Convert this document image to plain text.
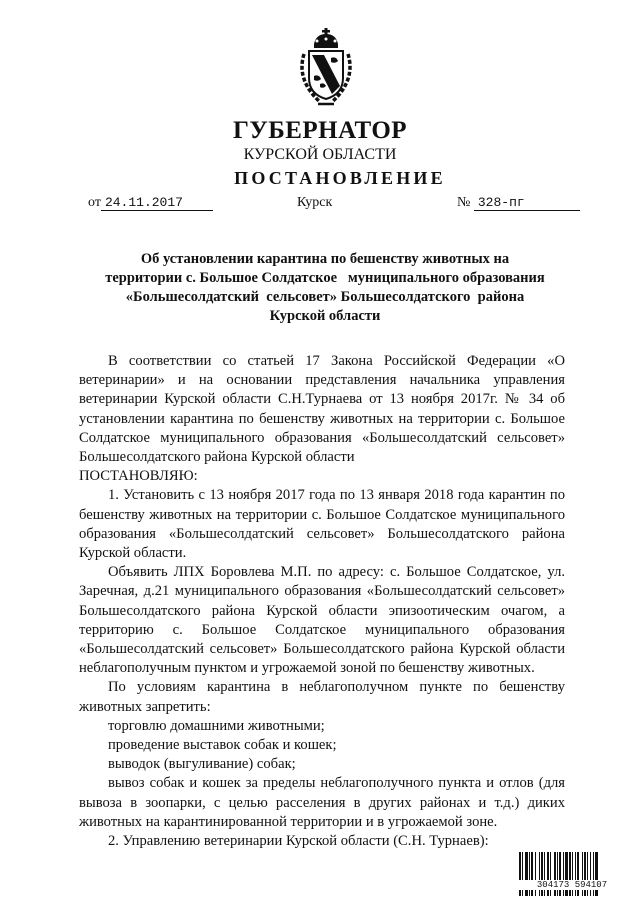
ГУБЕРНАТОР
КУРСКОЙ ОБЛАСТИ
ПОСТАНОВЛЕНИЕ
от 24.11.2017	Курск	№ 328-пг
Об установлении карантина по бешенству животных на
территории с. Большое Солдатское   муниципального образования
«Большесолдатский  сельсовет» Большесолдатского  района
Курской области

В соответствии со статьей 17 Закона Российской Федерации «О ветеринарии» и на основании представления начальника управления ветеринарии Курской области С.Н.Турнаева от 13 ноября 2017г. № 34 об установлении карантина по бешенству животных на территории с. Большое Солдатское муниципального образования «Большесолдатский сельсовет» Большесолдатского района Курской области

ПОСТАНОВЛЯЮ:

1. Установить с 13 ноября 2017 года по 13 января 2018 года карантин по бешенству животных на территории с. Большое Солдатское муниципального образования «Большесолдатский сельсовет» Большесолдатского района Курской области.

Объявить ЛПХ Боровлева М.П. по адресу: с. Большое Солдатское, ул. Заречная, д.21 муниципального образования «Большесолдатский сельсовет» Большесолдатского района Курской области эпизоотическим очагом, а территорию с. Большое Солдатское муниципального образования «Большесолдатский сельсовет» Большесолдатского района Курской области неблагополучным пунктом и угрожаемой зоной по бешенству животных.

По условиям карантина в неблагополучном пункте по бешенству животных запретить:

торговлю домашними животными;

проведение выставок собак и кошек;

выводок (выгуливание) собак;

вывоз собак и кошек за пределы неблагополучного пункта и отлов (для вывоза в зоопарки, с целью расселения в других районах и т.д.) диких животных на карантинированной территории и в угрожаемой зоне.

2. Управлению ветеринарии Курской области (С.Н. Турнаев):

304173 594107
